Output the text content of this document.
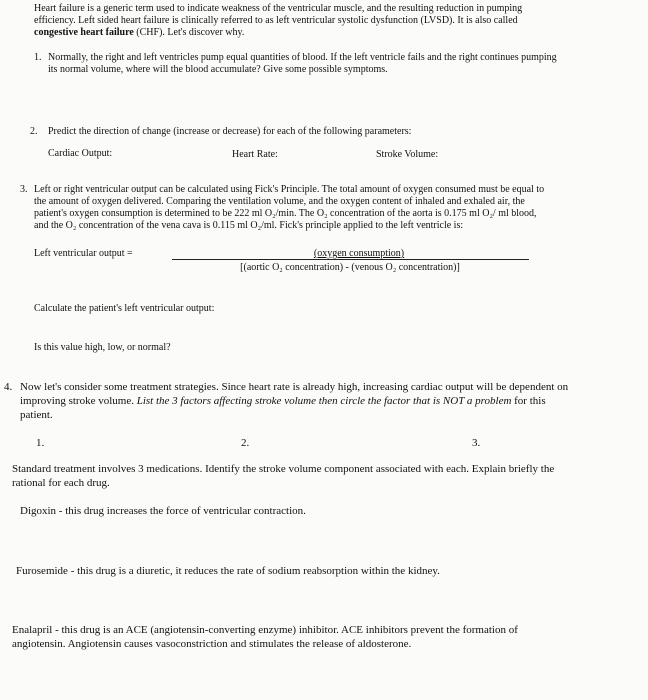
Heart failure is a generic term used to indicate weakness of the ventricular muscle, and the resulting reduction in pumping
efficiency. Left sided heart failure is clinically referred to as left ventricular systolic dysfunction (LVSD). It is also called
congestive heart failure (CHF). Let's discover why.
1. Normally, the right and left ventricles pump equal quantities of blood. If the left ventricle fails and the right continues pumping
its normal volume, where will the blood accumulate? Give some possible symptoms.
2. Predict the direction of change (increase or decrease) for each of the following parameters:
Cardiac Output:	Heart Rate:	Stroke Volume:
3. Left or right ventricular output can be calculated using Fick's Principle. The total amount of oxygen consumed must be equal to
the amount of oxygen delivered. Comparing the ventilation volume, and the oxygen content of inhaled and exhaled air, the
patient's oxygen consumption is determined to be 222 ml O₂/min. The O₂ concentration of the aorta is 0.175 ml O₂/ ml blood,
and the O₂ concentration of the vena cava is 0.115 ml O₂/ml. Fick's principle applied to the left ventricle is:
Left ventricular output =	(oxygen consumption)
[(aortic O₂ concentration) - (venous O₂ concentration)]
Calculate the patient's left ventricular output:
Is this value high, low, or normal?
4. Now let's consider some treatment strategies. Since heart rate is already high, increasing cardiac output will be dependent on
improving stroke volume. List the 3 factors affecting stroke volume then circle the factor that is NOT a problem for this
patient.
1.	2.	3.
Standard treatment involves 3 medications. Identify the stroke volume component associated with each. Explain briefly the
rational for each drug.
Digoxin - this drug increases the force of ventricular contraction.
Furosemide - this drug is a diuretic, it reduces the rate of sodium reabsorption within the kidney.
Enalapril - this drug is an ACE (angiotensin-converting enzyme) inhibitor. ACE inhibitors prevent the formation of
angiotensin. Angiotensin causes vasoconstriction and stimulates the release of aldosterone.
